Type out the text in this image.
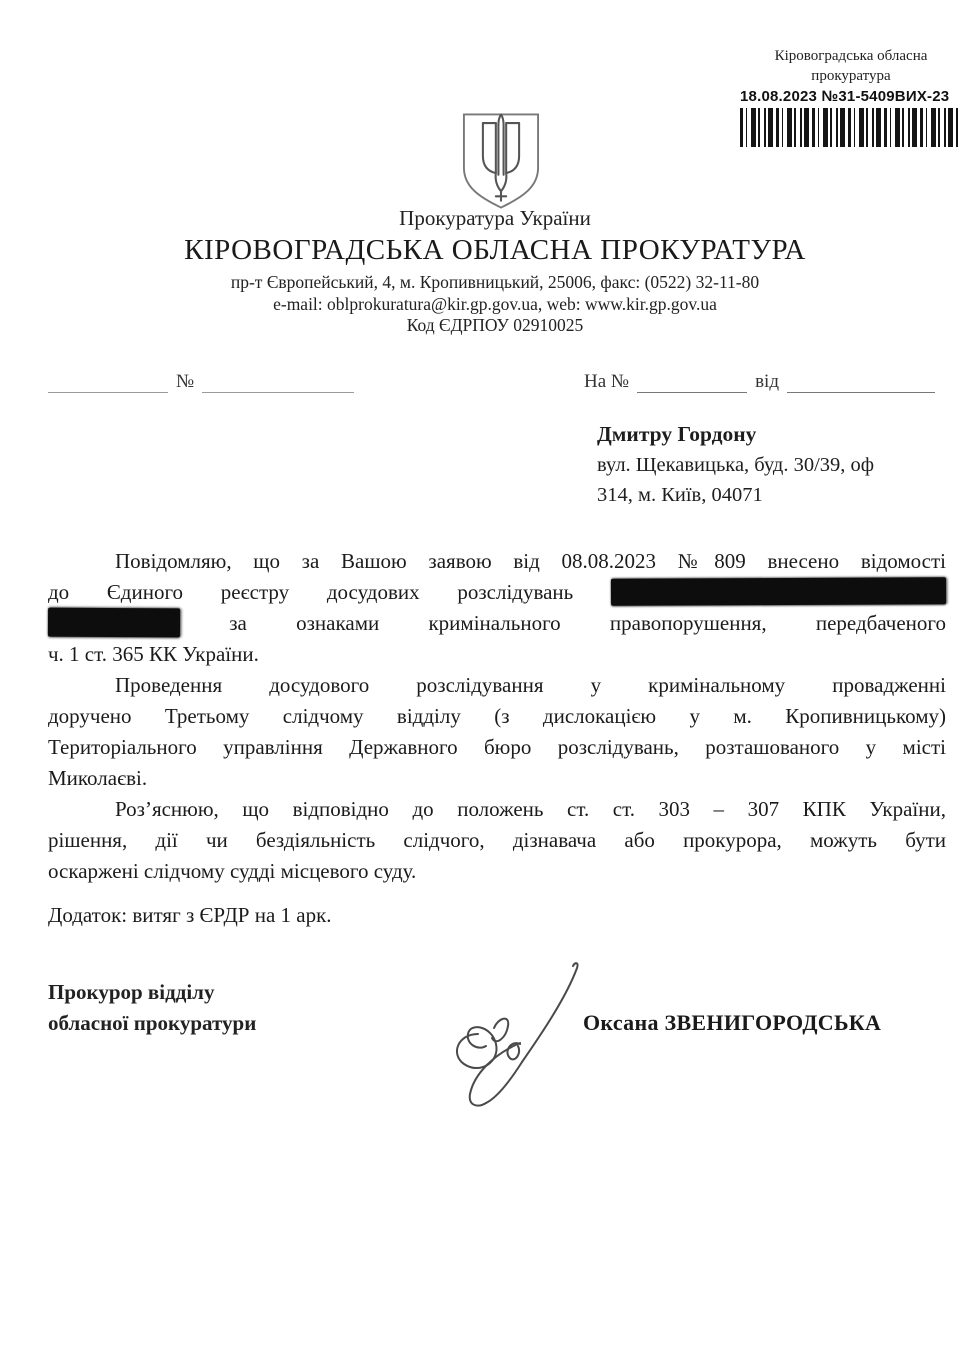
Кіровоградська обласна
прокуратура
18.08.2023 №31-5409ВИХ-23
Прокуратура України
КІРОВОГРАДСЬКА ОБЛАСНА ПРОКУРАТУРА
пр-т Європейський, 4, м. Кропивницький, 25006, факс: (0522) 32-11-80
e-mail: oblprokuratura@kir.gp.gov.ua, web: www.kir.gp.gov.ua
Код ЄДРПОУ 02910025
№	На №	від
Дмитру Гордону
вул. Щекавицька, буд. 30/39, оф
314, м. Київ, 04071
Повідомляю, що за Вашою заявою від 08.08.2023 №809 внесено відомості
до Єдиного реєстру досудових розслідувань
за ознаками кримінального правопорушення, передбаченого
ч. 1 ст. 365 КК України.
Проведення досудового розслідування у кримінальному провадженні
доручено Третьому слідчому відділу (з дислокацією у м. Кропивницькому)
Територіального управління Державного бюро розслідувань, розташованого у місті
Миколаєві.
Роз’яснюю, що відповідно до положень ст. ст. 303 – 307 КПК України,
рішення, дії чи бездіяльність слідчого, дізнавача або прокурора, можуть бути
оскаржені слідчому судді місцевого суду.
Додаток: витяг з ЄРДР на 1 арк.
Прокурор відділу
обласної прокуратури	Оксана ЗВЕНИГОРОДСЬКА
